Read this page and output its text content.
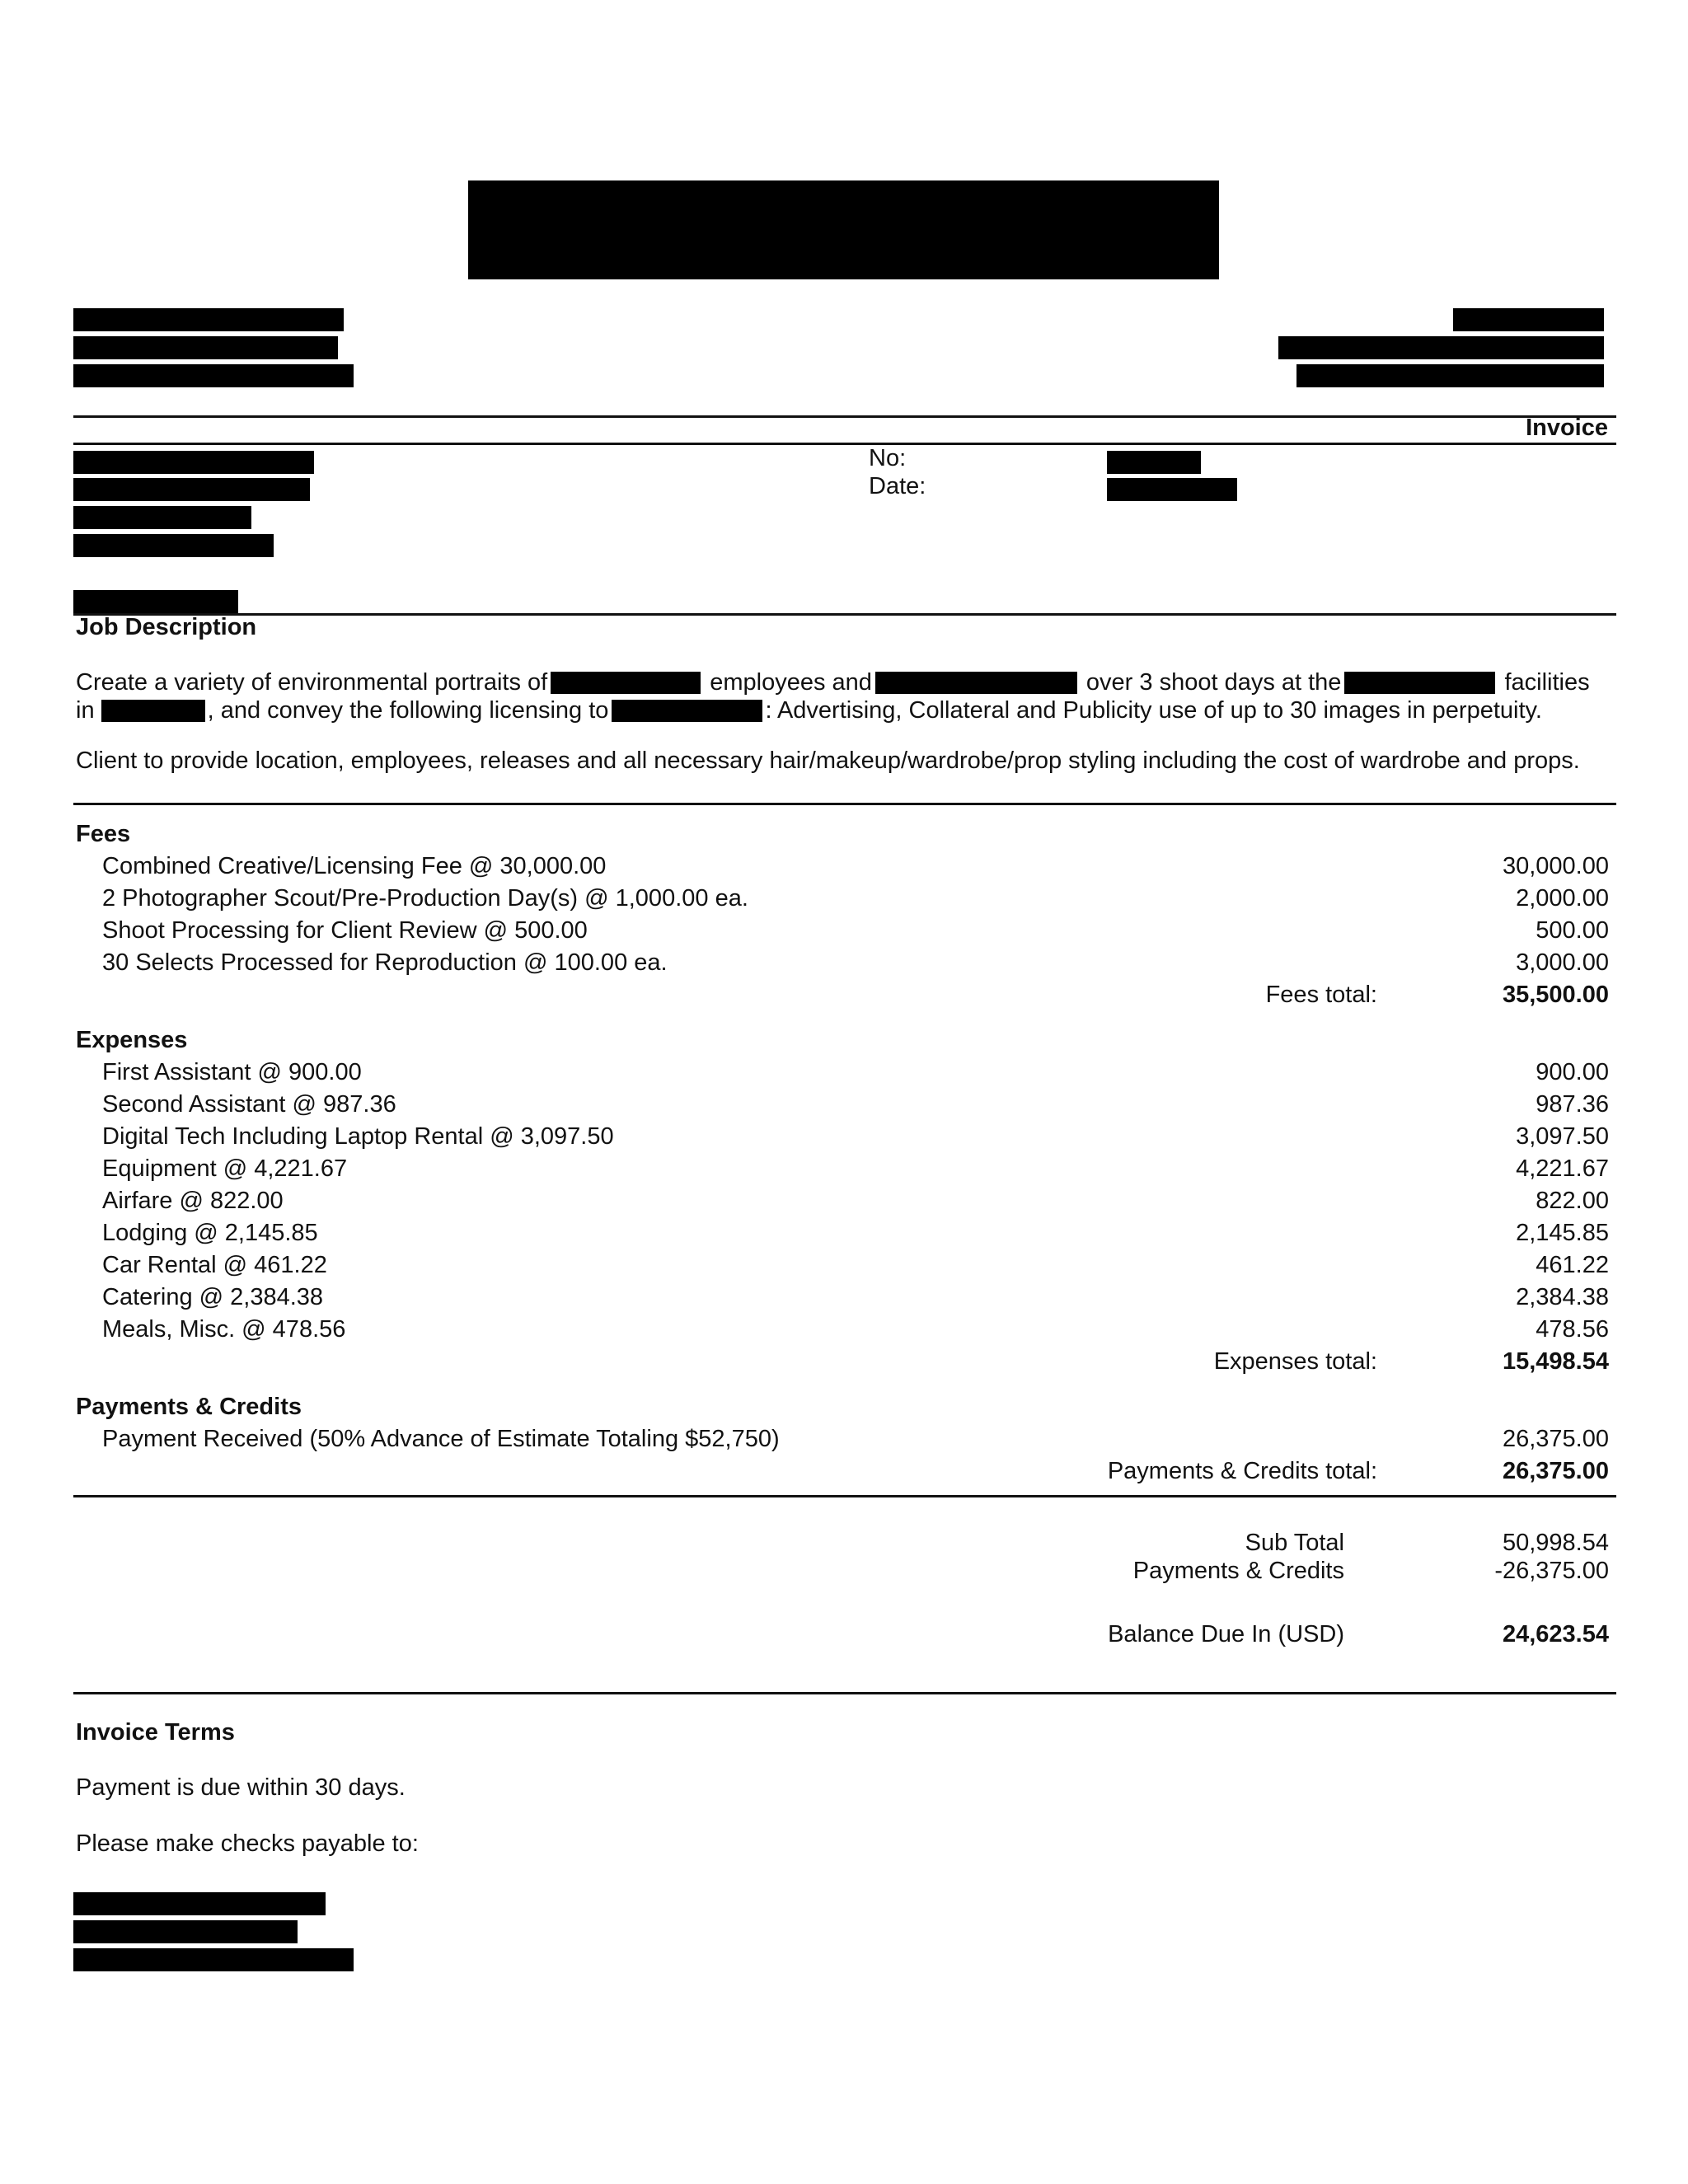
Invoice
No:
Date:
Job Description
Create a variety of environmental portraits of	employees and	over 3 shoot days at the	facilities
in	, and convey the following licensing to	: Advertising, Collateral and Publicity use of up to 30 images in perpetuity.
Client to provide location, employees, releases and all necessary hair/makeup/wardrobe/prop styling including the cost of wardrobe and props.
Fees
Combined Creative/Licensing Fee @ 30,000.00	30,000.00
2 Photographer Scout/Pre-Production Day(s) @ 1,000.00 ea.	2,000.00
Shoot Processing for Client Review @ 500.00	500.00
30 Selects Processed for Reproduction @ 100.00 ea.	3,000.00
Fees total:	35,500.00
Expenses
First Assistant @ 900.00	900.00
Second Assistant @ 987.36	987.36
Digital Tech Including Laptop Rental @ 3,097.50	3,097.50
Equipment @ 4,221.67	4,221.67
Airfare @ 822.00	822.00
Lodging @ 2,145.85	2,145.85
Car Rental @ 461.22	461.22
Catering @ 2,384.38	2,384.38
Meals, Misc. @ 478.56	478.56
Expenses total:	15,498.54
Payments & Credits
Payment Received (50% Advance of Estimate Totaling $52,750)	26,375.00
Payments & Credits total:	26,375.00
Sub Total	50,998.54
Payments & Credits	-26,375.00
Balance Due In (USD)	24,623.54
Invoice Terms
Payment is due within 30 days.
Please make checks payable to:
